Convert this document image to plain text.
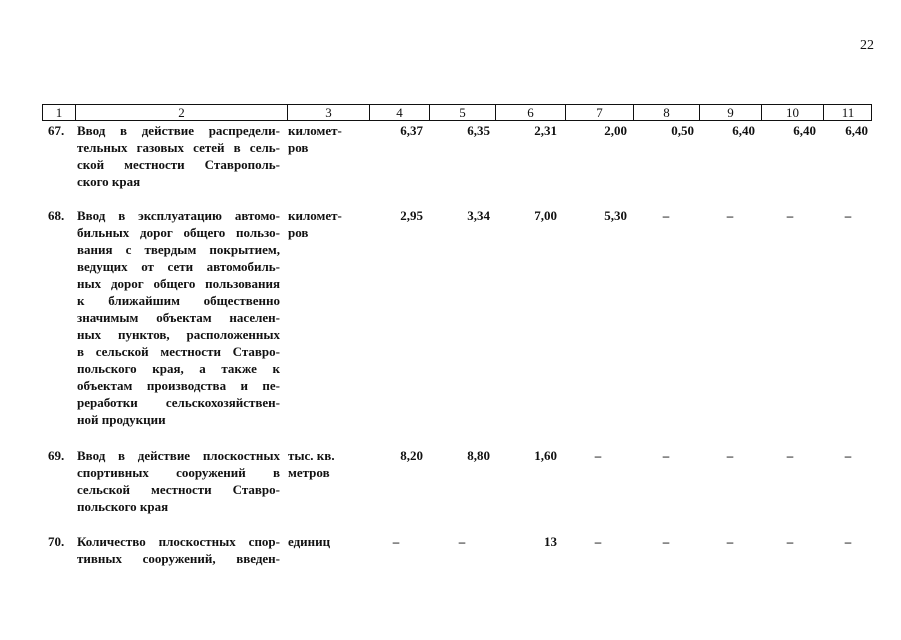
22
1	2	3	4	5	6	7	8	9	10	11
67. Ввод в действие распредели-
тельных газовых сетей в сель-
ской местности Ставрополь-
ского края
километ-
ров
6,37	6,35	2,31	2,00	0,50	6,40	6,40	6,40
68. Ввод в эксплуатацию автомо-
бильных дорог общего пользо-
вания с твердым покрытием,
ведущих от сети автомобиль-
ных дорог общего пользования
к ближайшим общественно
значимым объектам населен-
ных пунктов, расположенных
в сельской местности Ставро-
польского края, а также к
объектам производства и пе-
реработки сельскохозяйствен-
ной продукции
километ-
ров
2,95	3,34	7,00	5,30	–	–	–	–
69. Ввод в действие плоскостных
спортивных сооружений в
сельской местности Ставро-
польского края
тыс. кв.
метров
8,20	8,80	1,60	–	–	–	–	–
70. Количество плоскостных спор-
тивных сооружений, введен-
единиц	–	–	13	–	–	–	–	–
